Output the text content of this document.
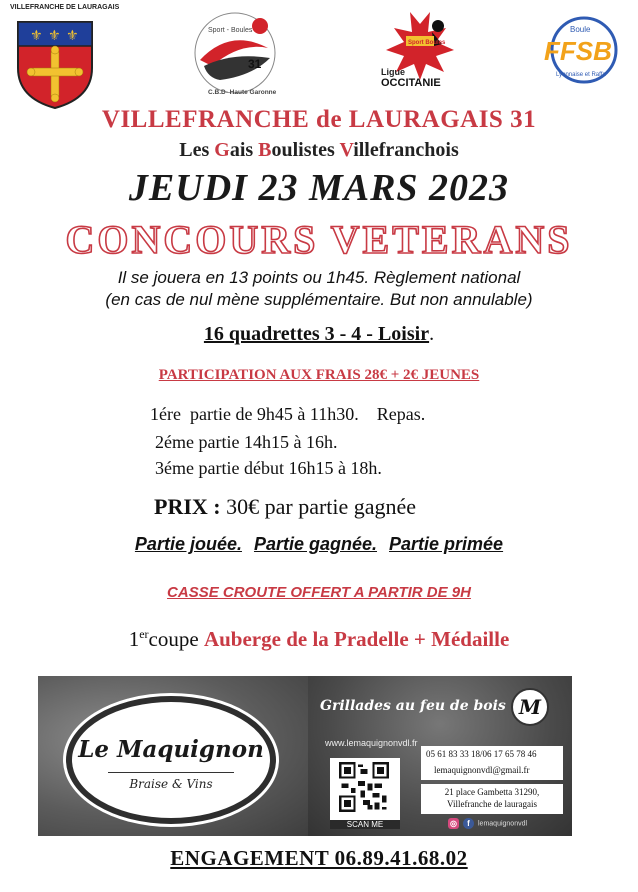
VILLEFRANCHE DE LAURAGAIS
⚜ ⚜ ⚜	Sport - Boules
31
C.B.D- Haute Garonne
Sport Boules
Ligue
OCCITANIE
Boule
FFSB
Lyonnaise et Raffa
VILLEFRANCHE de LAURAGAIS 31
Les Gais Boulistes Villefranchois
JEUDI 23 MARS 2023
CONCOURS VETERANS
Il se jouera en 13 points ou 1h45. Règlement national
(en cas de nul mène supplémentaire. But non annulable)
16 quadrettes 3 - 4 - Loisir.
PARTICIPATION AUX FRAIS 28€ + 2€ JEUNES
1ére  partie de 9h45 à 11h30.    Repas.
2éme partie 14h15 à 16h.
3éme partie début 16h15 à 18h.
PRIX : 30€ par partie gagnée
Partie jouée. Partie gagnée. Partie primée
CASSE CROUTE OFFERT A PARTIR DE 9H
1ercoupe Auberge de la Pradelle + Médaille
Le Maquignon
Braise & Vins
Grillades au feu de bois M
www.lemaquignonvdl.fr
05 61 83 33 18/06 17 65 78 46
lemaquignonvdl@gmail.fr
21 place Gambetta 31290,
Villefranche de lauragais
SCAN ME	◎ f lemaquignonvdl
ENGAGEMENT 06.89.41.68.02
